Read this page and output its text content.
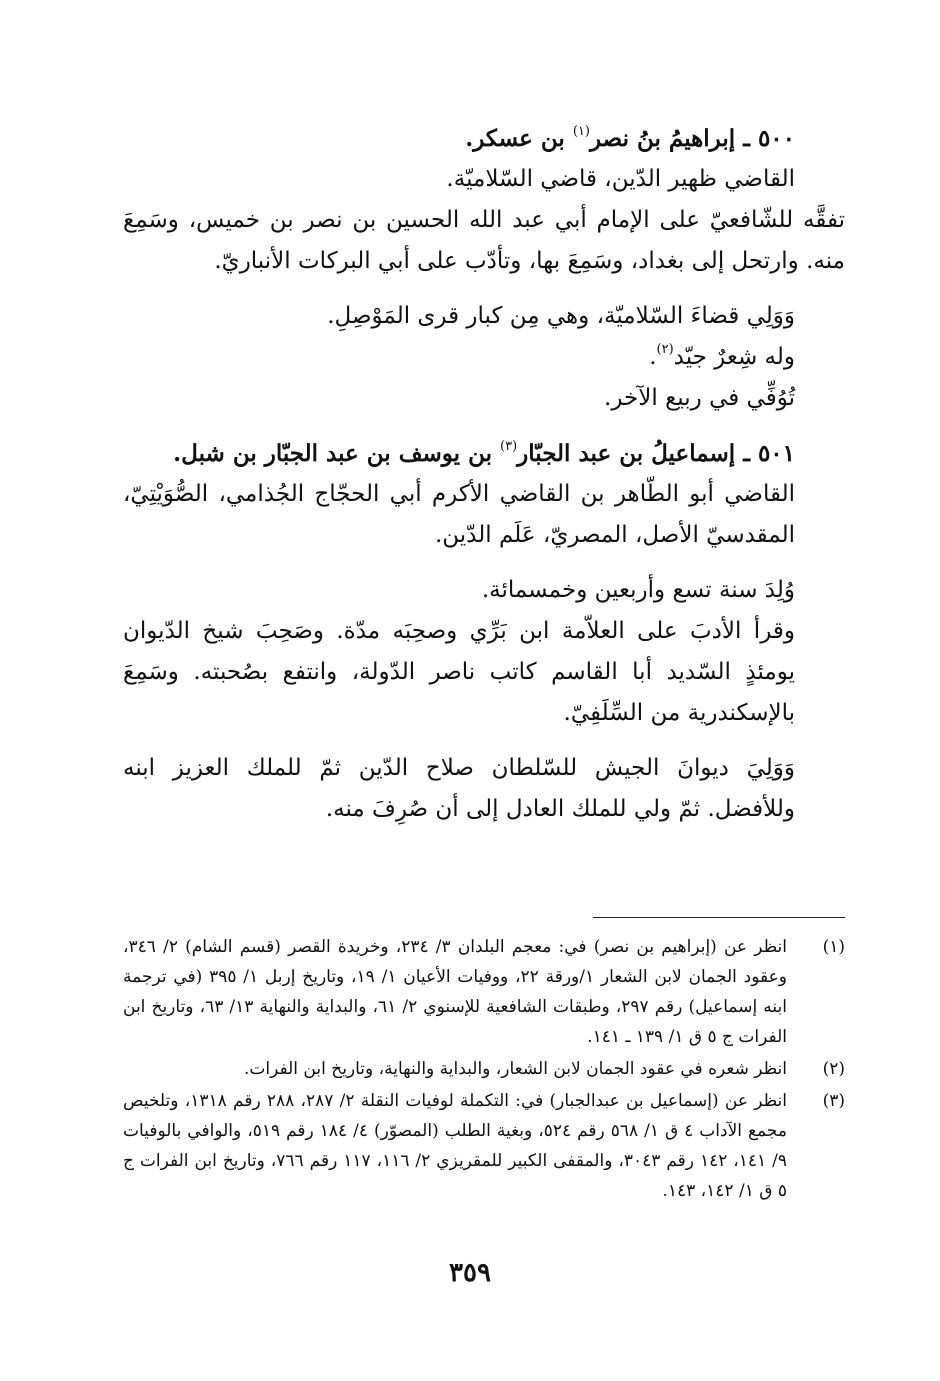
٥٠٠ ـ إبراهيمُ بنُ نصر$^{(١)}$ بن عسكر.

القاضي ظهير الدّين، قاضي السّلاميّة.

تفقَّه للشّافعيّ على الإمام أبي عبد الله الحسين بن نصر بن خميس، وسَمِعَ منه. وارتحل إلى بغداد، وسَمِعَ بها، وتأدّب على أبي البركات الأنباريّ.

وَوَلِي قضاءَ السّلاميّة، وهي مِن كبار قرى المَوْصِلِ.

وله شِعرٌ جيّد$^{(٢)}$.

تُوُفِّي في ربيع الآخر.

٥٠١ ـ إسماعيلُ بن عبد الجبّار$^{(٣)}$ بن يوسف بن عبد الجبّار بن شبل.

القاضي أبو الطّاهر بن القاضي الأكرم أبي الحجّاج الجُذامي، الصُّوَيْتِيّ، المقدسيّ الأصل، المصريّ، عَلَم الدّين.

وُلِدَ سنة تسع وأربعين وخمسمائة.

وقرأ الأدبَ على العلاّمة ابن بَرِّي وصحِبَه مدّة. وصَحِبَ شيخ الدّيوان يومئذٍ السّديد أبا القاسم كاتب ناصر الدّولة، وانتفع بصُحبته. وسَمِعَ بالإسكندرية من السِّلَفِيّ.

وَوَلِيَ ديوانَ الجيش للسّلطان صلاح الدّين ثمّ للملك العزيز ابنه وللأفضل. ثمّ ولي للملك العادل إلى أن صُرِفَ منه.

(١)
انظر عن (إبراهيم بن نصر) في: معجم البلدان ٣/ ٢٣٤، وخريدة القصر (قسم الشام) ٢/ ٣٤٦، وعقود الجمان لابن الشعار ١/ورقة ٢٢، ووفيات الأعيان ١/ ١٩، وتاريخ إربل ١/ ٣٩٥ (في ترجمة ابنه إسماعيل) رقم ٢٩٧، وطبقات الشافعية للإسنوي ٢/ ٦١، والبداية والنهاية ١٣/ ٦٣، وتاريخ ابن الفرات ج ٥ ق ١/ ١٣٩ ـ ١٤١.
(٢)
انظر شعره في عقود الجمان لابن الشعار، والبداية والنهاية، وتاريخ ابن الفرات.
(٣)
انظر عن (إسماعيل بن عبدالجبار) في: التكملة لوفيات النقلة ٢/ ٢٨٧، ٢٨٨ رقم ١٣١٨، وتلخيص مجمع الآداب ٤ ق ١/ ٥٦٨ رقم ٥٢٤، وبغية الطلب (المصوّر) ٤/ ١٨٤ رقم ٥١٩، والوافي بالوفيات ٩/ ١٤١، ١٤٢ رقم ٣٠٤٣، والمقفى الكبير للمقريزي ٢/ ١١٦، ١١٧ رقم ٧٦٦، وتاريخ ابن الفرات ج ٥ ق ١/ ١٤٢، ١٤٣.
٣٥٩
